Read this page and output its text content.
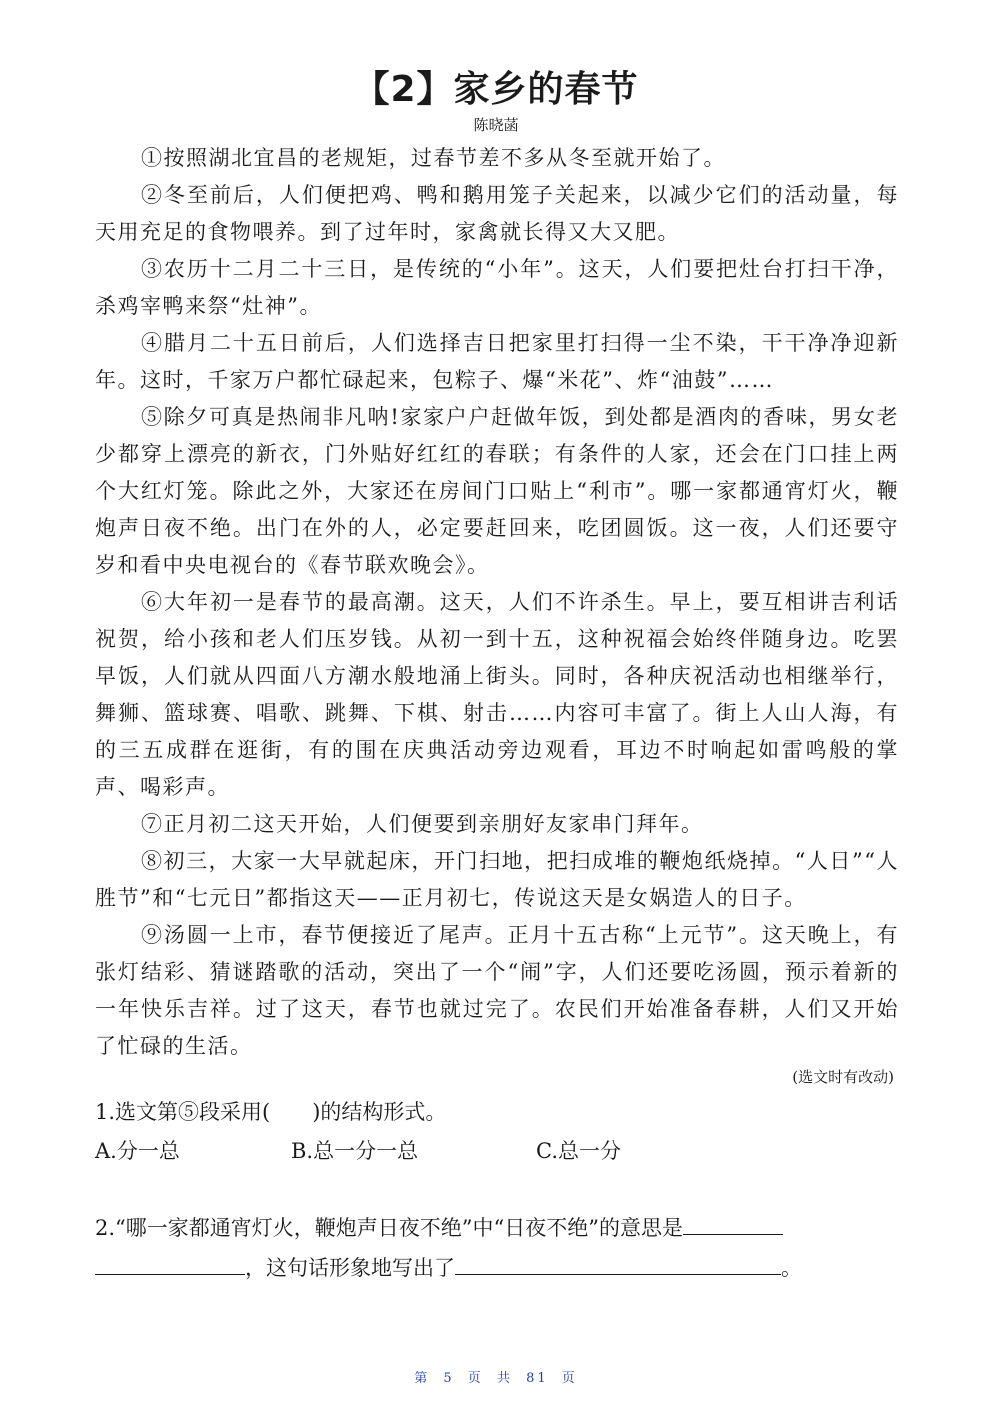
【2】家乡的春节
陈晓菡

①按照湖北宜昌的老规矩，过春节差不多从冬至就开始了。

②冬至前后，人们便把鸡、鸭和鹅用笼子关起来，以减少它们的活动量，每天用充足的食物喂养。到了过年时，家禽就长得又大又肥。

③农历十二月二十三日，是传统的“小年”。这天，人们要把灶台打扫干净，杀鸡宰鸭来祭“灶神”。

④腊月二十五日前后，人们选择吉日把家里打扫得一尘不染，干干净净迎新年。这时，千家万户都忙碌起来，包粽子、爆“米花”、炸“油鼓”……

⑤除夕可真是热闹非凡呐!家家户户赶做年饭，到处都是酒肉的香味，男女老少都穿上漂亮的新衣，门外贴好红红的春联；有条件的人家，还会在门口挂上两个大红灯笼。除此之外，大家还在房间门口贴上“利市”。哪一家都通宵灯火，鞭炮声日夜不绝。出门在外的人，必定要赶回来，吃团圆饭。这一夜，人们还要守岁和看中央电视台的《春节联欢晚会》。

⑥大年初一是春节的最高潮。这天，人们不许杀生。早上，要互相讲吉利话祝贺，给小孩和老人们压岁钱。从初一到十五，这种祝福会始终伴随身边。吃罢早饭，人们就从四面八方潮水般地涌上街头。同时，各种庆祝活动也相继举行，舞狮、篮球赛、唱歌、跳舞、下棋、射击……内容可丰富了。街上人山人海，有的三五成群在逛街，有的围在庆典活动旁边观看，耳边不时响起如雷鸣般的掌声、喝彩声。

⑦正月初二这天开始，人们便要到亲朋好友家串门拜年。

⑧初三，大家一大早就起床，开门扫地，把扫成堆的鞭炮纸烧掉。“人日”“人胜节”和“七元日”都指这天——正月初七，传说这天是女娲造人的日子。

⑨汤圆一上市，春节便接近了尾声。正月十五古称“上元节”。这天晚上，有张灯结彩、猜谜踏歌的活动，突出了一个“闹”字，人们还要吃汤圆，预示着新的一年快乐吉祥。过了这天，春节也就过完了。农民们开始准备春耕，人们又开始了忙碌的生活。

(选文时有改动)
1.选文第⑤段采用(　　)的结构形式。
A.分一总	B.总一分一总	C.总一分
2.“哪一家都通宵灯火，鞭炮声日夜不绝”中“日夜不绝”的意思是
，这句话形象地写出了	。
第 5 页 共 81 页
